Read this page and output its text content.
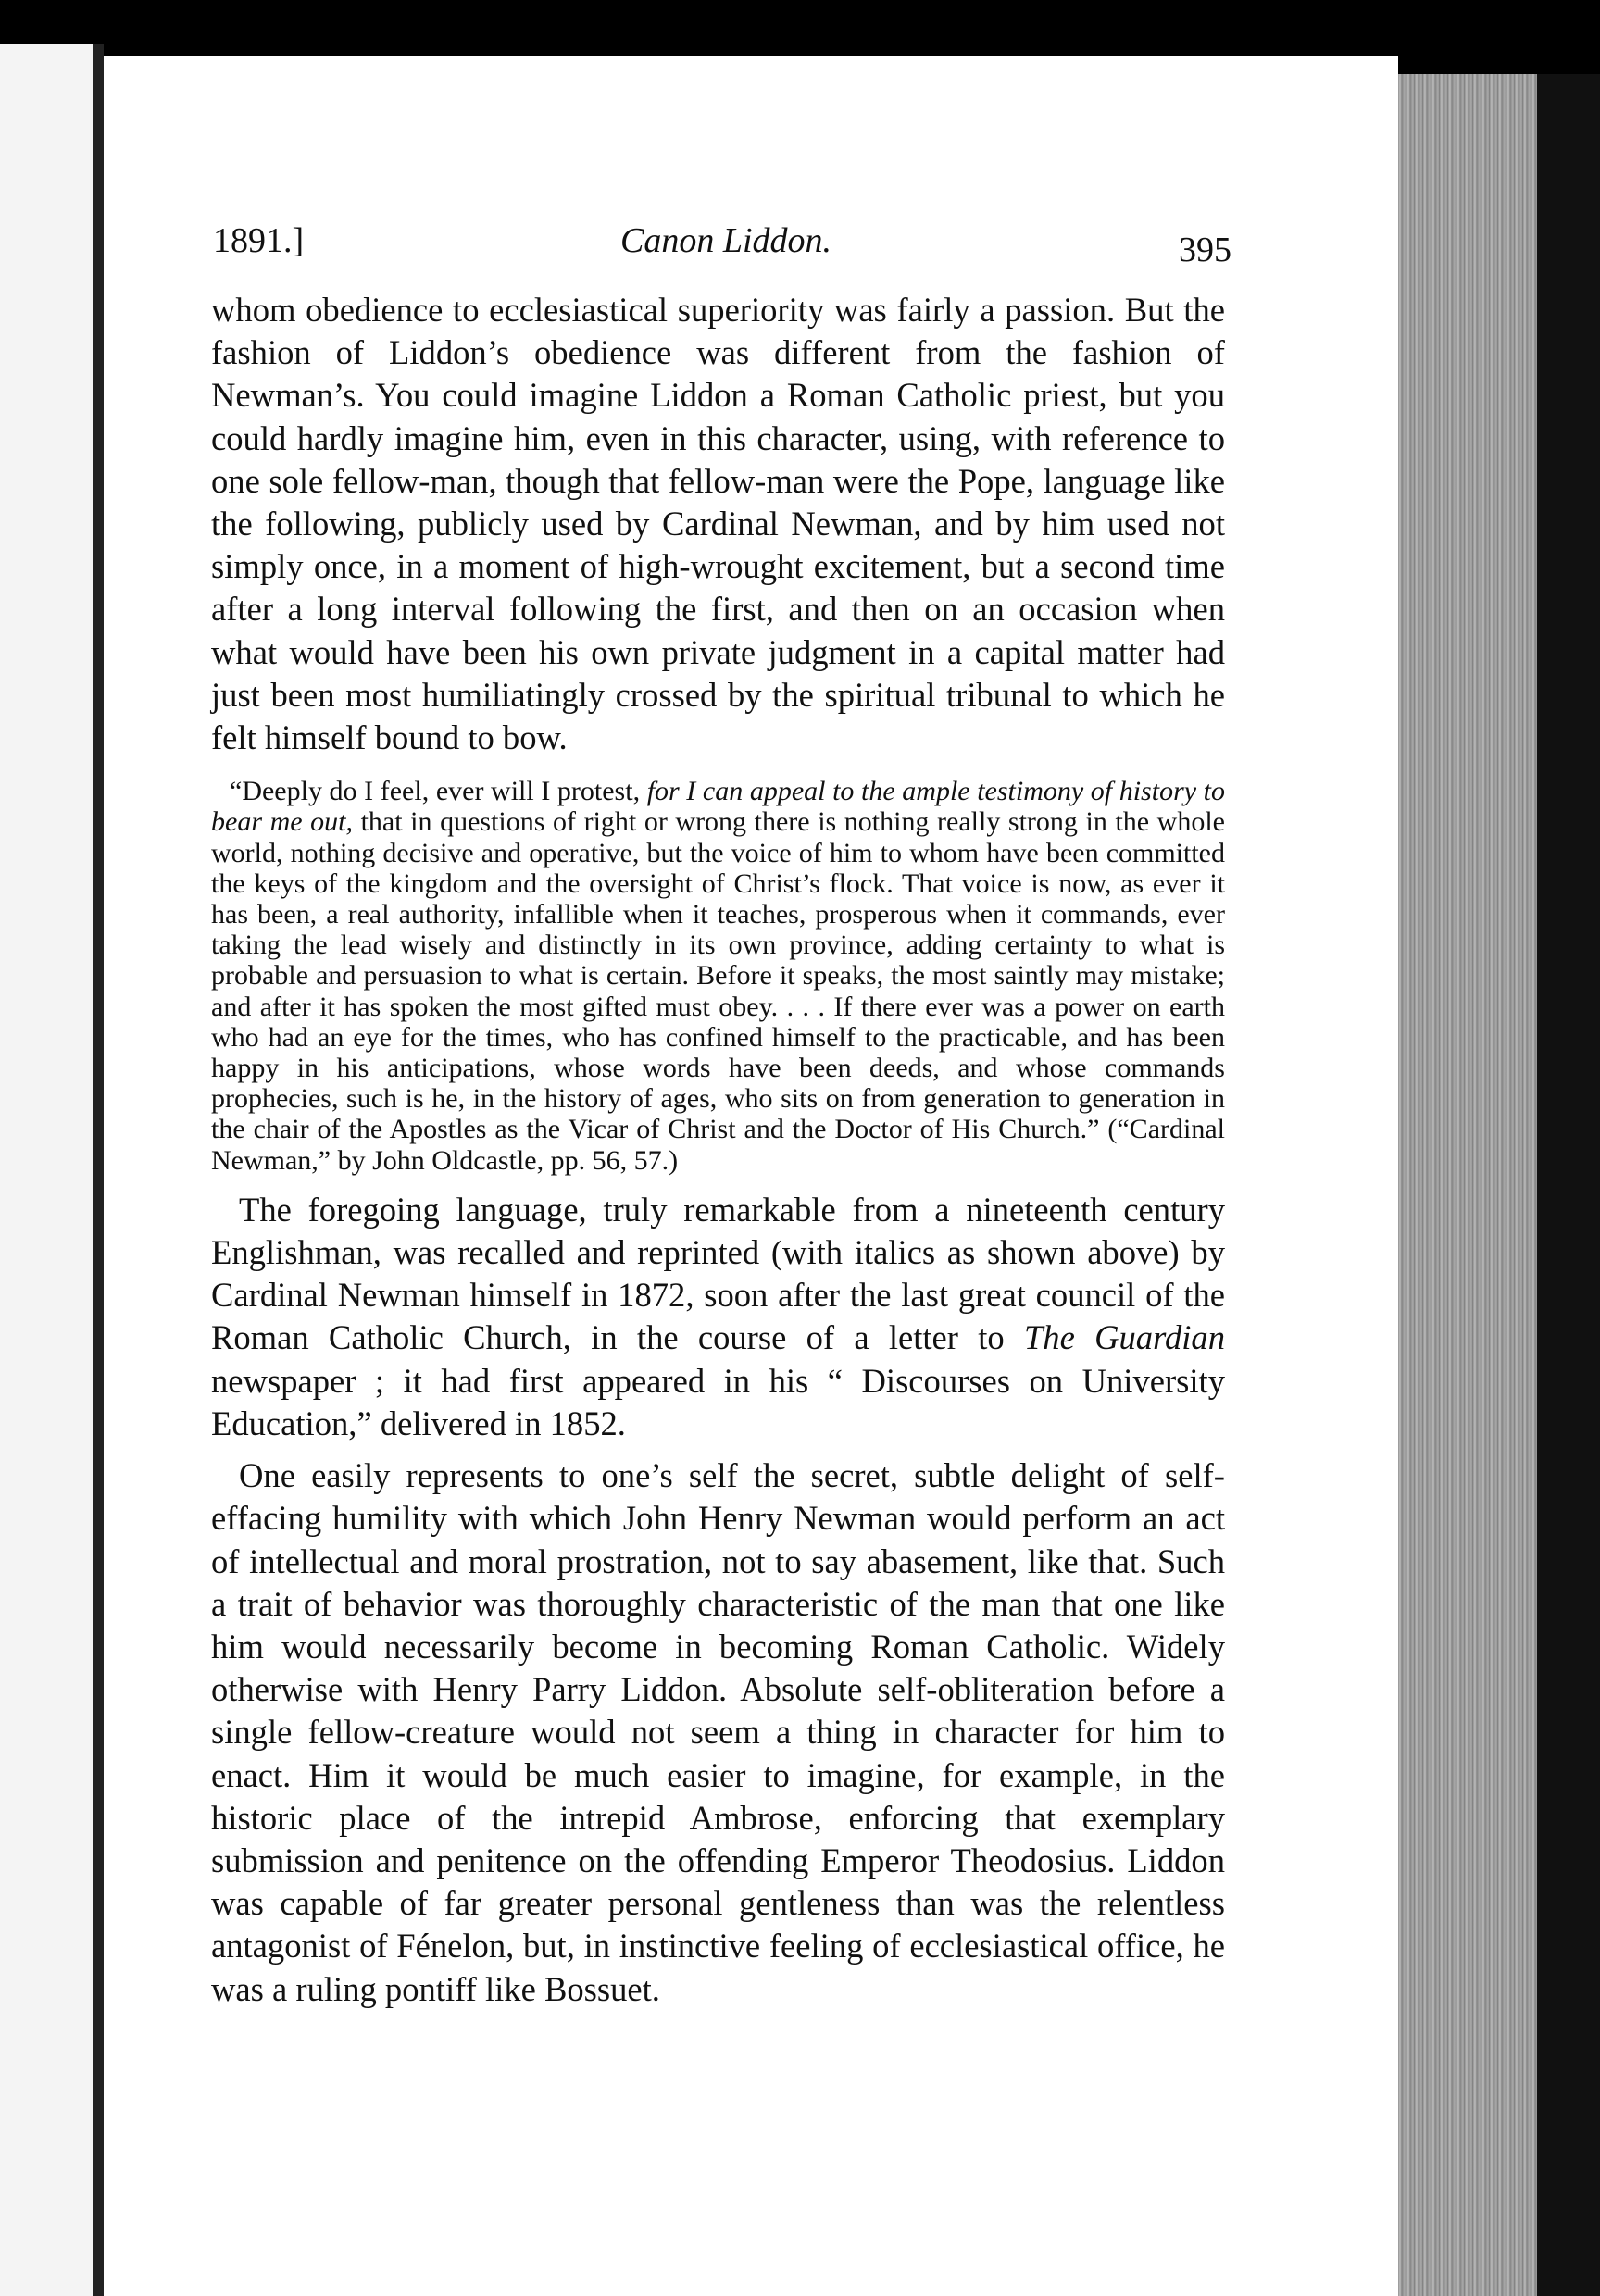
1891.]	Canon Liddon.	395

whom obedience to ecclesiastical superiority was fairly a passion. But the fashion of Liddon’s obedience was different from the fashion of Newman’s. You could imagine Liddon a Roman Catholic priest, but you could hardly imagine him, even in this character, using, with reference to one sole fellow-man, though that fellow-man were the Pope, language like the following, publicly used by Cardinal Newman, and by him used not simply once, in a moment of high-wrought excitement, but a second time after a long interval following the first, and then on an occasion when what would have been his own private judgment in a capital matter had just been most humiliatingly crossed by the spiritual tribunal to which he felt himself bound to bow.

“Deeply do I feel, ever will I protest, for I can appeal to the ample testimony of history to bear me out, that in questions of right or wrong there is nothing really strong in the whole world, nothing decisive and operative, but the voice of him to whom have been committed the keys of the kingdom and the oversight of Christ’s flock. That voice is now, as ever it has been, a real authority, infallible when it teaches, prosperous when it commands, ever taking the lead wisely and distinctly in its own province, adding certainty to what is probable and persuasion to what is certain. Before it speaks, the most saintly may mistake; and after it has spoken the most gifted must obey. . . . If there ever was a power on earth who had an eye for the times, who has confined himself to the practicable, and has been happy in his anticipations, whose words have been deeds, and whose commands prophecies, such is he, in the history of ages, who sits on from generation to generation in the chair of the Apostles as the Vicar of Christ and the Doctor of His Church.” (“Cardinal Newman,” by John Oldcastle, pp. 56, 57.)

The foregoing language, truly remarkable from a nineteenth century Englishman, was recalled and reprinted (with italics as shown above) by Cardinal Newman himself in 1872, soon after the last great council of the Roman Catholic Church, in the course of a letter to The Guardian newspaper ; it had first appeared in his “ Discourses on University Education,” delivered in 1852.

One easily represents to one’s self the secret, subtle delight of self-effacing humility with which John Henry Newman would perform an act of intellectual and moral prostration, not to say abasement, like that. Such a trait of behavior was thoroughly characteristic of the man that one like him would necessarily become in becoming Roman Catholic. Widely otherwise with Henry Parry Liddon. Absolute self-obliteration before a single fellow-creature would not seem a thing in character for him to enact. Him it would be much easier to imagine, for example, in the historic place of the intrepid Ambrose, enforcing that exemplary submission and penitence on the offending Emperor Theodosius. Liddon was capable of far greater personal gentleness than was the relentless antagonist of Fénelon, but, in instinctive feeling of ecclesiastical office, he was a ruling pontiff like Bossuet.
